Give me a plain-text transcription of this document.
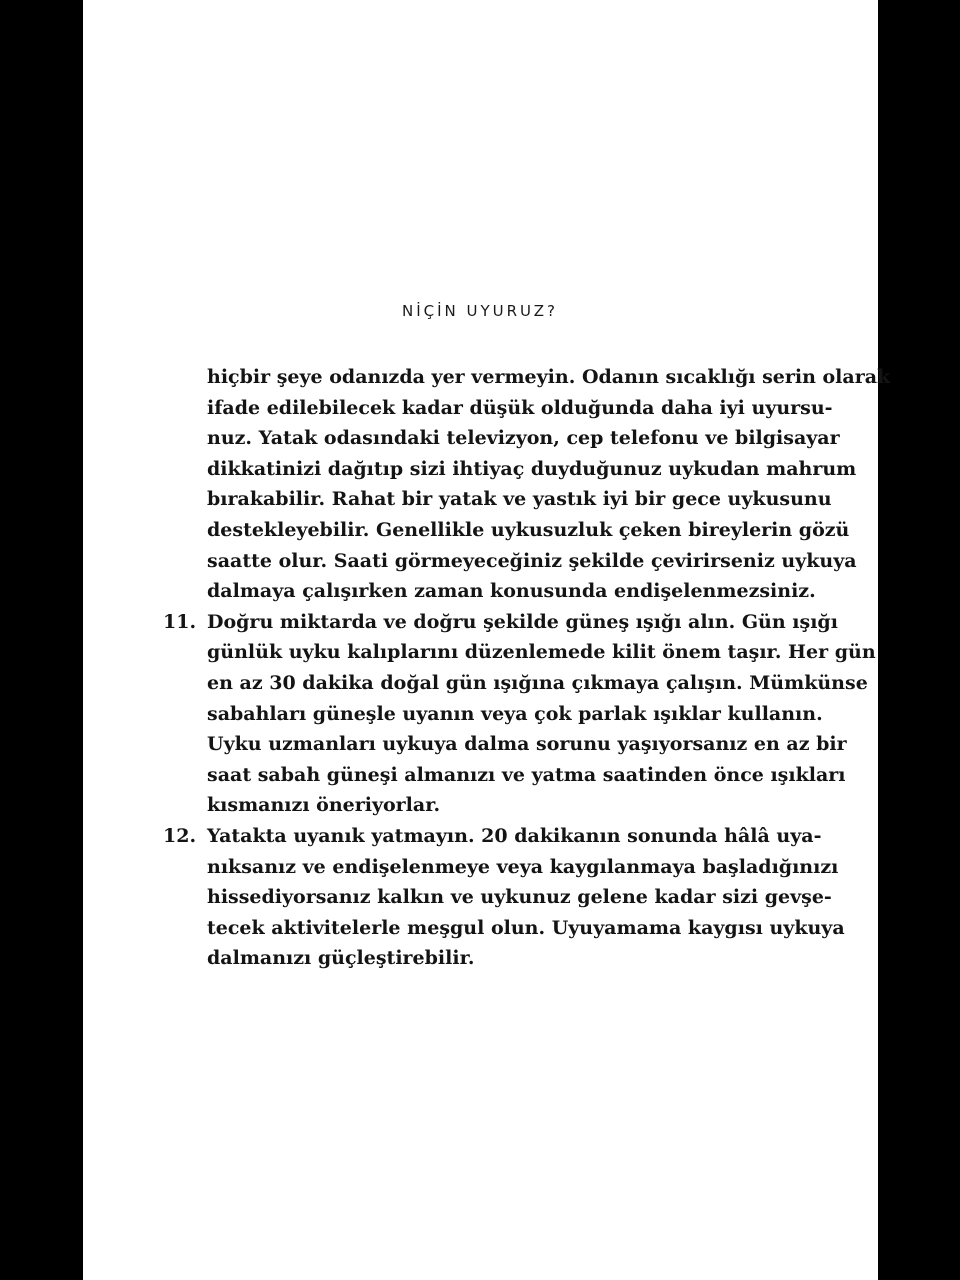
NİÇİN UYURUZ?
hiçbir şeye odanızda yer vermeyin. Odanın sıcaklığı serin olarak
ifade edilebilecek kadar düşük olduğunda daha iyi uyursu-
nuz. Yatak odasındaki televizyon, cep telefonu ve bilgisayar
dikkatinizi dağıtıp sizi ihtiyaç duyduğunuz uykudan mahrum
bırakabilir. Rahat bir yatak ve yastık iyi bir gece uykusunu
destekleyebilir. Genellikle uykusuzluk çeken bireylerin gözü
saatte olur. Saati görmeyeceğiniz şekilde çevirirseniz uykuya
dalmaya çalışırken zaman konusunda endişelenmezsiniz.
11. Doğru miktarda ve doğru şekilde güneş ışığı alın. Gün ışığı
günlük uyku kalıplarını düzenlemede kilit önem taşır. Her gün
en az 30 dakika doğal gün ışığına çıkmaya çalışın. Mümkünse
sabahları güneşle uyanın veya çok parlak ışıklar kullanın.
Uyku uzmanları uykuya dalma sorunu yaşıyorsanız en az bir
saat sabah güneşi almanızı ve yatma saatinden önce ışıkları
kısmanızı öneriyorlar.
12. Yatakta uyanık yatmayın. 20 dakikanın sonunda hâlâ uya-
nıksanız ve endişelenmeye veya kaygılanmaya başladığınızı
hissediyorsanız kalkın ve uykunuz gelene kadar sizi gevşe-
tecek aktivitelerle meşgul olun. Uyuyamama kaygısı uykuya
dalmanızı güçleştirebilir.
